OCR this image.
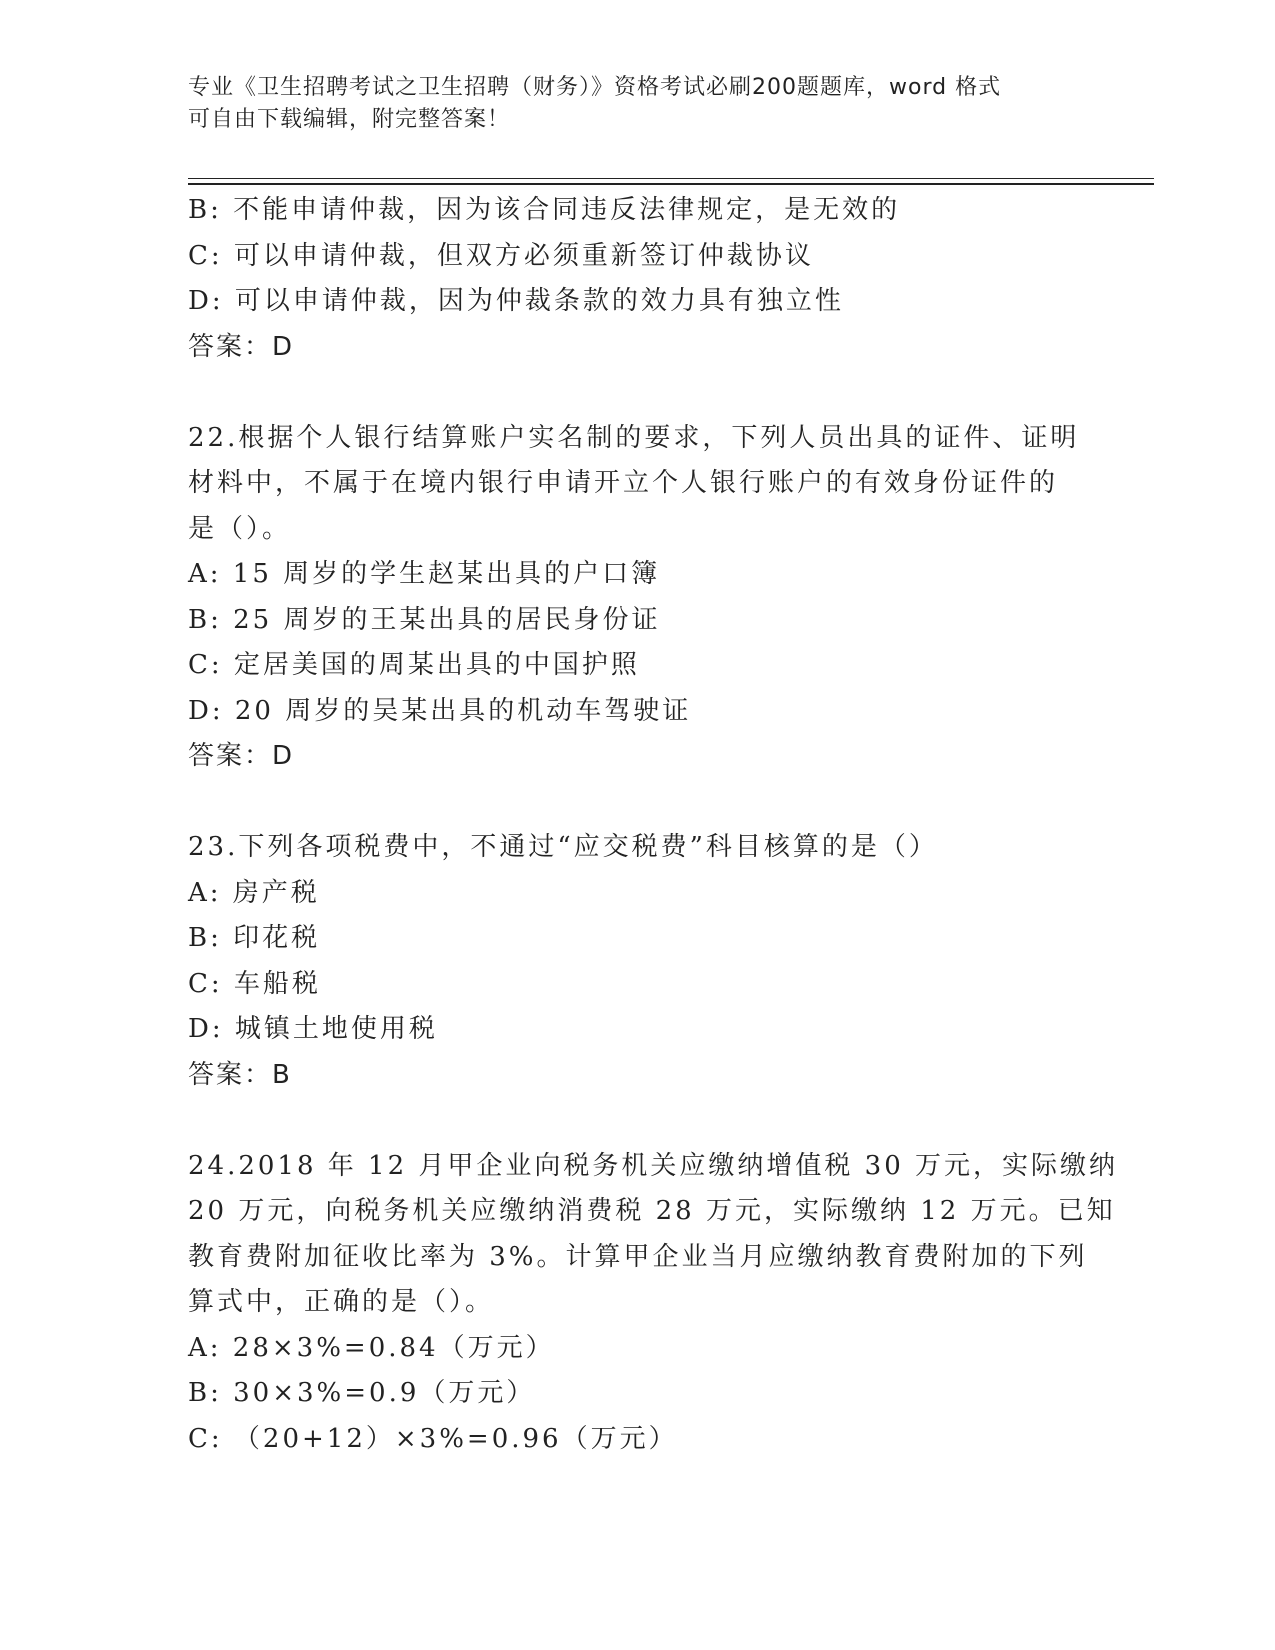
专业《卫生招聘考试之卫生招聘（财务）》资格考试必刷200题题库，word 格式
可自由下载编辑，附完整答案！
B: 不能申请仲裁，因为该合同违反法律规定，是无效的
C: 可以申请仲裁，但双方必须重新签订仲裁协议
D: 可以申请仲裁，因为仲裁条款的效力具有独立性
答案：D
22.根据个人银行结算账户实名制的要求，下列人员出具的证件、证明
材料中，不属于在境内银行申请开立个人银行账户的有效身份证件的
是（）。
A: 15 周岁的学生赵某出具的户口簿
B: 25 周岁的王某出具的居民身份证
C: 定居美国的周某出具的中国护照
D: 20 周岁的吴某出具的机动车驾驶证
答案：D
23.下列各项税费中，不通过“应交税费”科目核算的是（）
A: 房产税
B: 印花税
C: 车船税
D: 城镇土地使用税
答案：B
24.2018 年 12 月甲企业向税务机关应缴纳增值税 30 万元，实际缴纳
20 万元，向税务机关应缴纳消费税 28 万元，实际缴纳 12 万元。已知
教育费附加征收比率为 3%。计算甲企业当月应缴纳教育费附加的下列
算式中，正确的是（）。
A: 28×3%=0.84（万元）
B: 30×3%=0.9（万元）
C: （20+12）×3%=0.96（万元）
